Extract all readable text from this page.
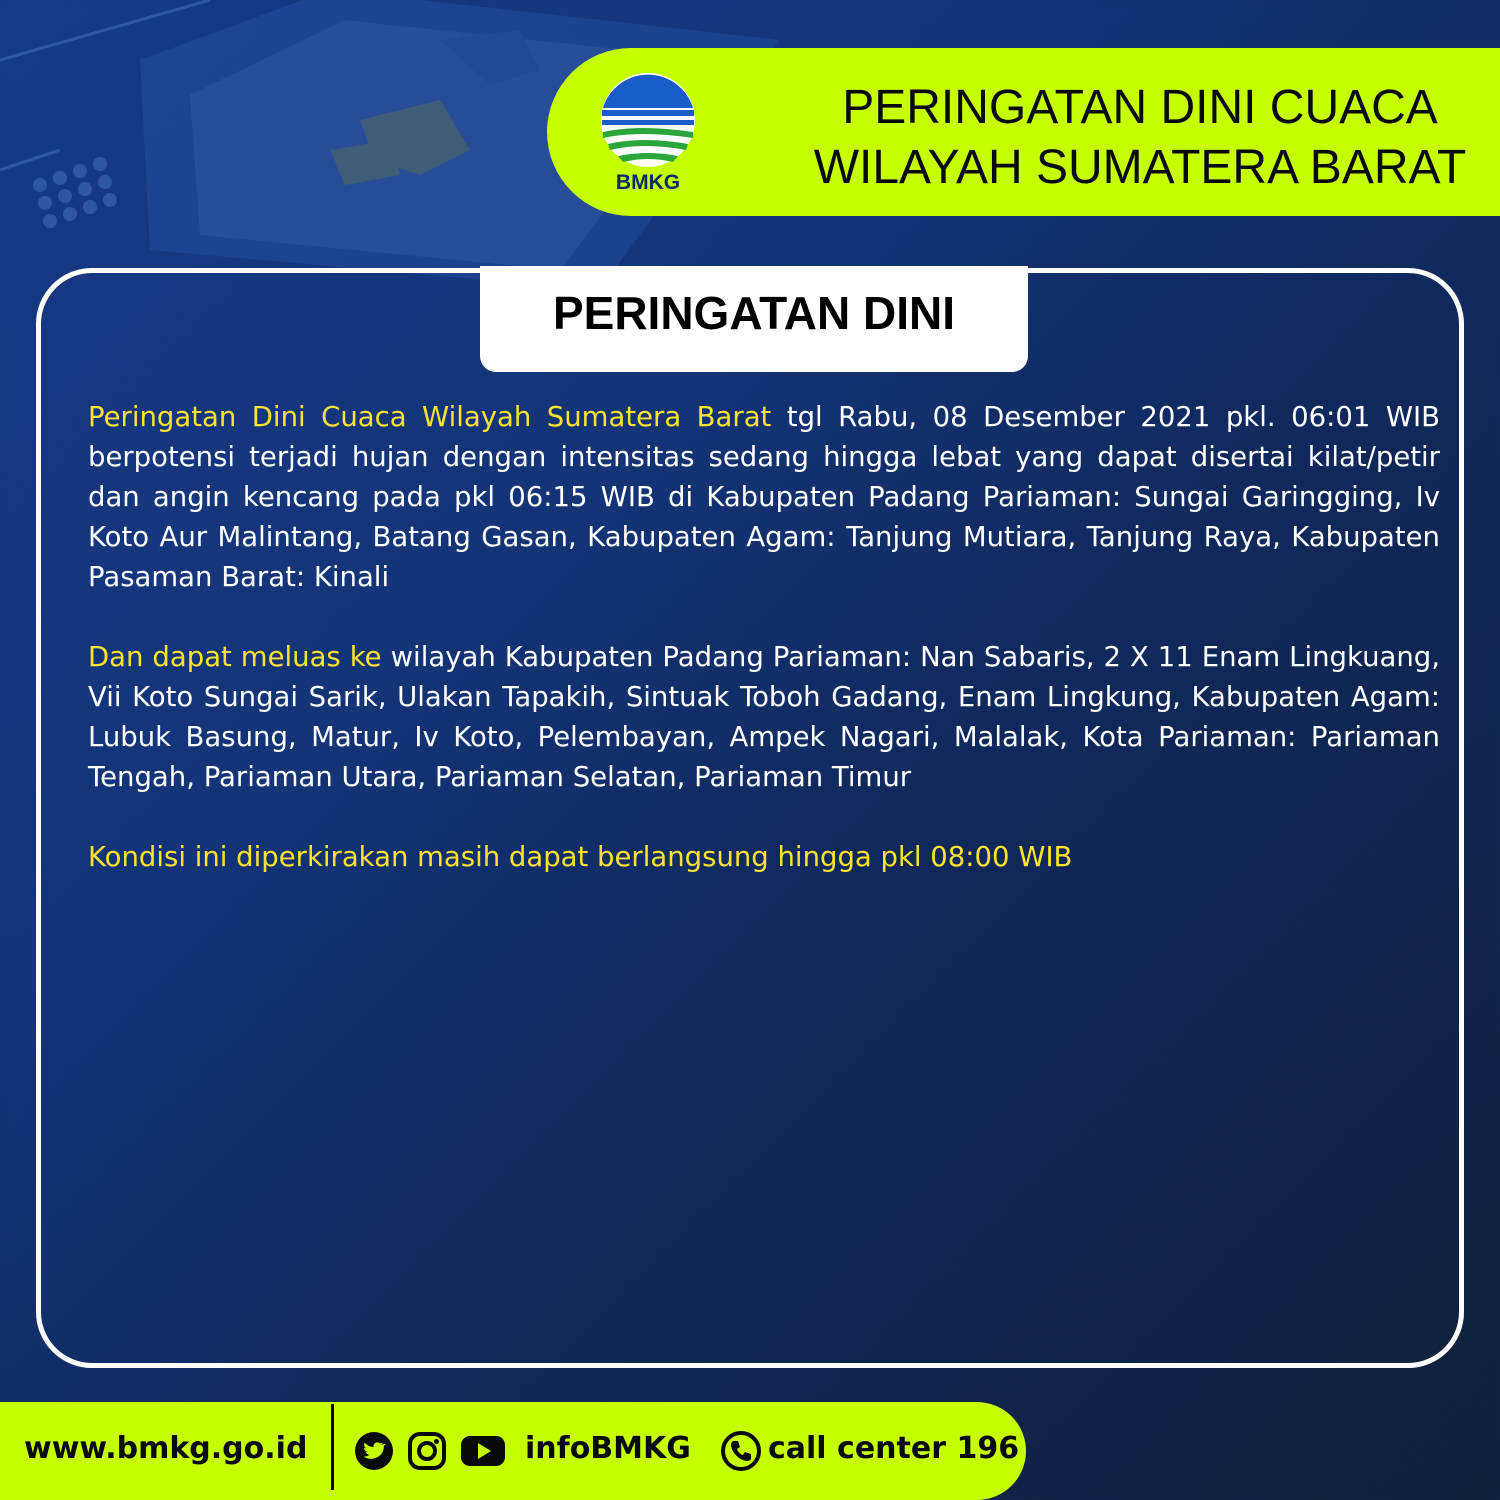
BMKG
PERINGATAN DINI CUACA
WILAYAH SUMATERA BARAT
PERINGATAN DINI

Peringatan Dini Cuaca Wilayah Sumatera Barat tgl Rabu, 08 Desember 2021 pkl. 06:01 WIB berpotensi terjadi hujan dengan intensitas sedang hingga lebat yang dapat disertai kilat/petir dan angin kencang pada pkl 06:15 WIB di Kabupaten Padang Pariaman: Sungai Garingging, Iv Koto Aur Malintang, Batang Gasan, Kabupaten Agam: Tanjung Mutiara, Tanjung Raya, Kabupaten Pasaman Barat: Kinali

Dan dapat meluas ke wilayah Kabupaten Padang Pariaman: Nan Sabaris, 2 X 11 Enam Lingkuang, Vii Koto Sungai Sarik, Ulakan Tapakih, Sintuak Toboh Gadang, Enam Lingkung, Kabupaten Agam: Lubuk Basung, Matur, Iv Koto, Pelembayan, Ampek Nagari, Malalak, Kota Pariaman: Pariaman Tengah, Pariaman Utara, Pariaman Selatan, Pariaman Timur

Kondisi ini diperkirakan masih dapat berlangsung hingga pkl 08:00 WIB

www.bmkg.go.id	infoBMKG	call center 196
